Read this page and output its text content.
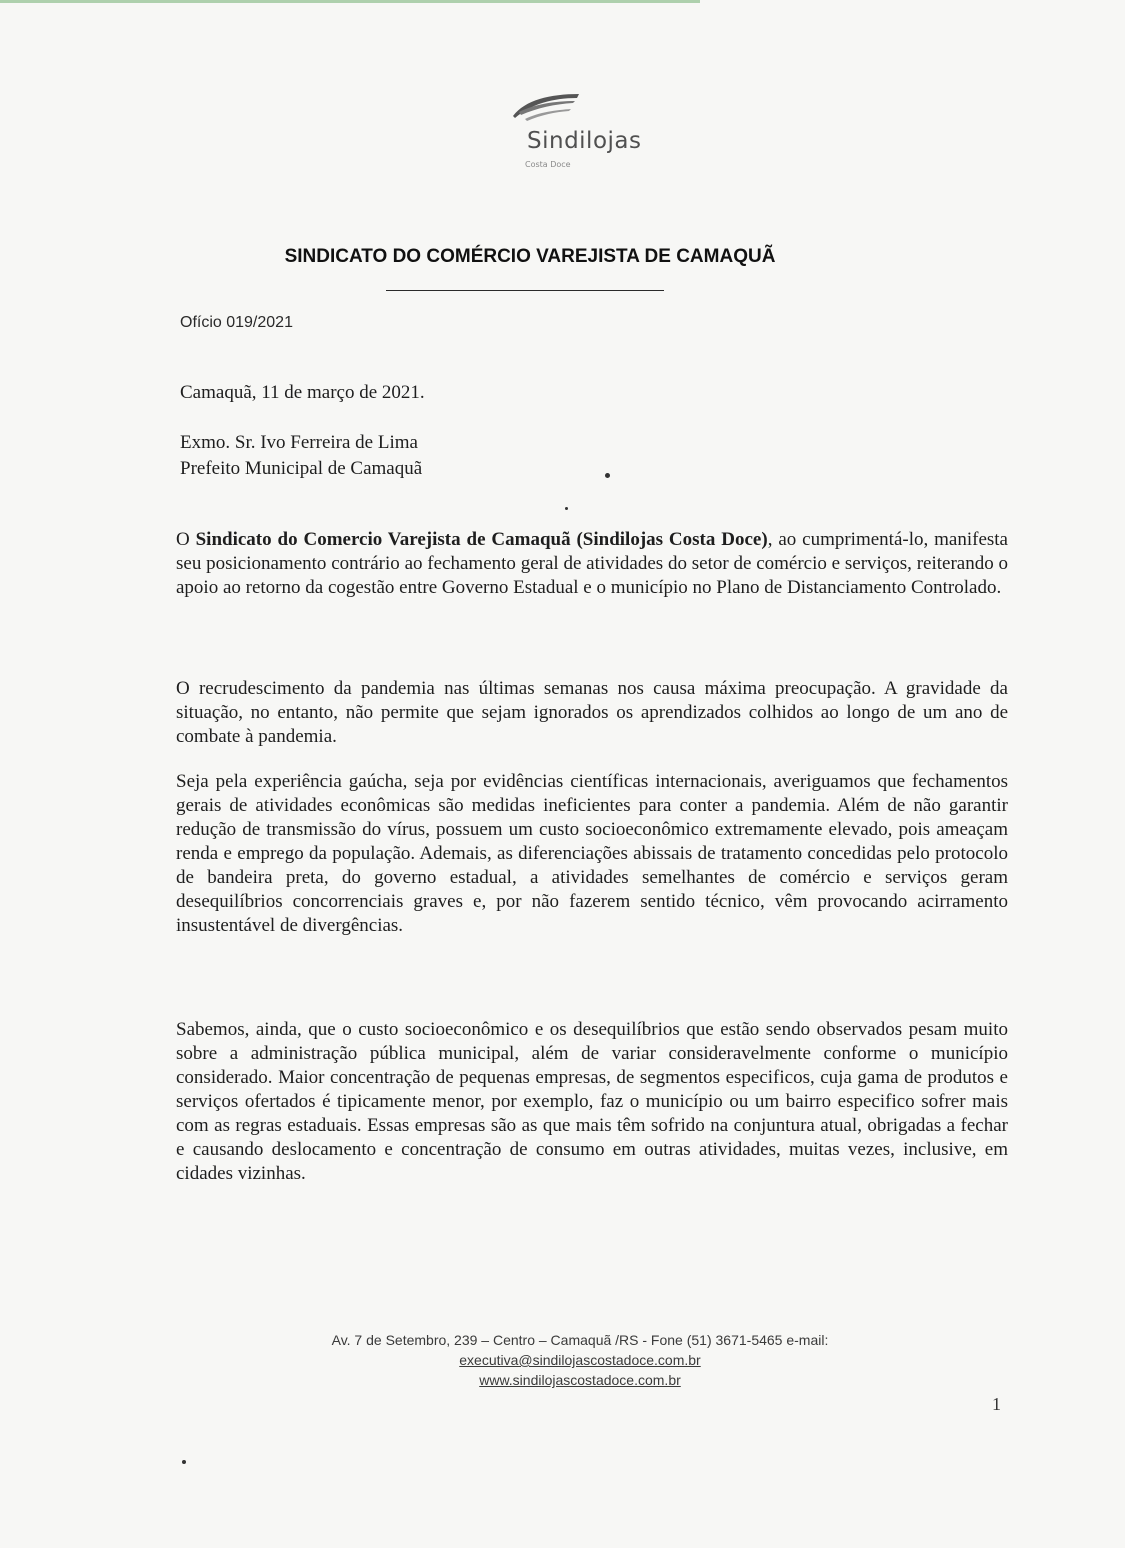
Sindilojas
Costa Doce
SINDICATO DO COMÉRCIO VAREJISTA DE CAMAQUÃ
Ofício 019/2021
Camaquã, 11 de março de 2021.
Exmo. Sr. Ivo Ferreira de Lima
Prefeito Municipal de Camaquã

O Sindicato do Comercio Varejista de Camaquã (Sindilojas Costa Doce), ao cumprimentá-lo, manifesta seu posicionamento contrário ao fechamento geral de atividades do setor de comércio e serviços, reiterando o apoio ao retorno da cogestão entre Governo Estadual e o município no Plano de Distanciamento Controlado.

O recrudescimento da pandemia nas últimas semanas nos causa máxima preocupação. A gravidade da situação, no entanto, não permite que sejam ignorados os aprendizados colhidos ao longo de um ano de combate à pandemia.

Seja pela experiência gaúcha, seja por evidências científicas internacionais, averiguamos que fechamentos gerais de atividades econômicas são medidas ineficientes para conter a pandemia. Além de não garantir redução de transmissão do vírus, possuem um custo socioeconômico extremamente elevado, pois ameaçam renda e emprego da população. Ademais, as diferenciações abissais de tratamento concedidas pelo protocolo de bandeira preta, do governo estadual, a atividades semelhantes de comércio e serviços geram desequilíbrios concorrenciais graves e, por não fazerem sentido técnico, vêm provocando acirramento insustentável de divergências.

Sabemos, ainda, que o custo socioeconômico e os desequilíbrios que estão sendo observados pesam muito sobre a administração pública municipal, além de variar consideravelmente conforme o município considerado. Maior concentração de pequenas empresas, de segmentos especificos, cuja gama de produtos e serviços ofertados é tipicamente menor, por exemplo, faz o município ou um bairro especifico sofrer mais com as regras estaduais. Essas empresas são as que mais têm sofrido na conjuntura atual, obrigadas a fechar e causando deslocamento e concentração de consumo em outras atividades, muitas vezes, inclusive, em cidades vizinhas.

Av. 7 de Setembro, 239 – Centro – Camaquã /RS - Fone (51) 3671-5465 e-mail:
executiva@sindilojascostadoce.com.br
www.sindilojascostadoce.com.br
1
